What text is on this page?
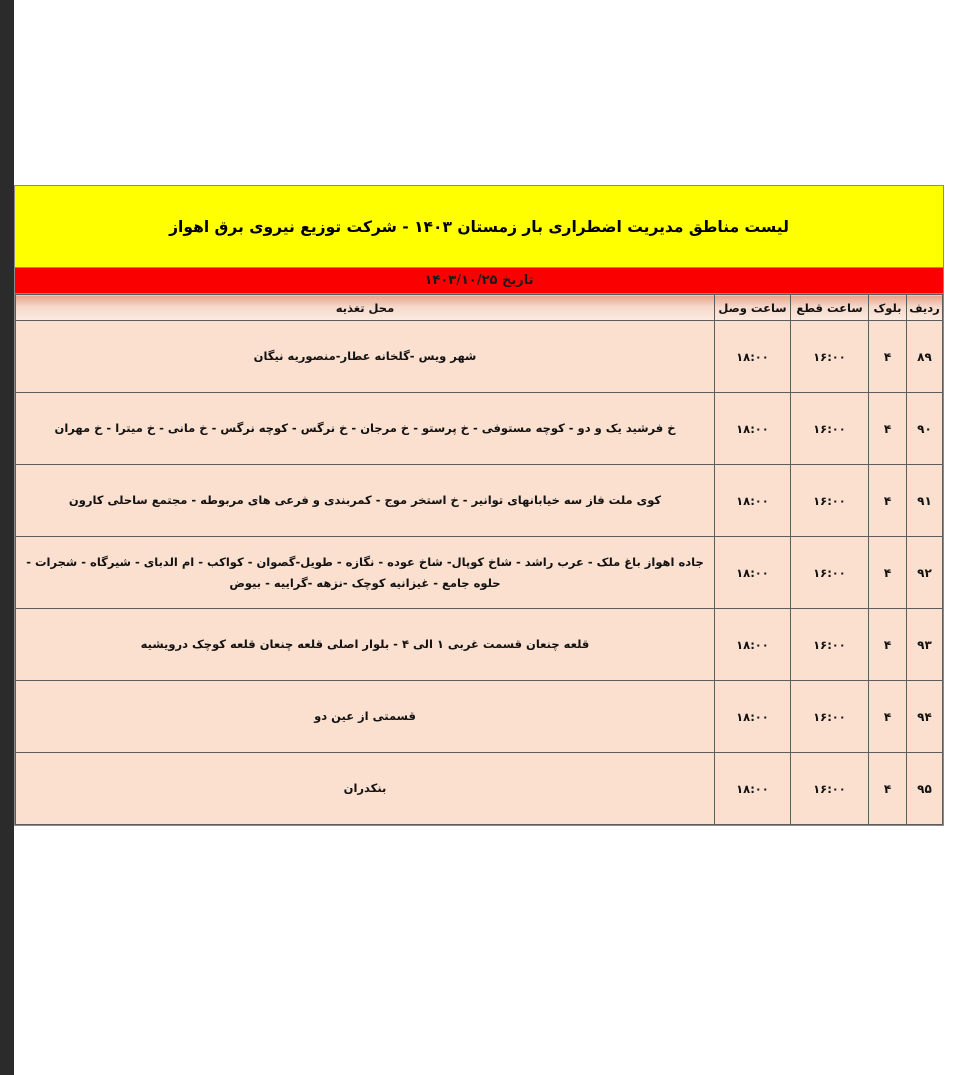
لیست مناطق مدیریت اضطراری بار زمستان ۱۴۰۳ - شرکت توزیع نیروی برق اهواز
تاریخ ۱۴۰۳/۱۰/۲۵
ردیف	بلوک	ساعت قطع	ساعت وصل	محل تغذیه
۸۹	۴	۱۶:۰۰	۱۸:۰۰	شهر ویس -گلخانه عطار-منصوریه نیگان
۹۰	۴	۱۶:۰۰	۱۸:۰۰	خ فرشید یک و دو - کوچه مستوفی - خ پرستو - خ مرجان - خ نرگس - کوچه نرگس - خ مانی - خ میترا - خ مهران
۹۱	۴	۱۶:۰۰	۱۸:۰۰	کوی ملت فاز سه خیابانهای توانیر - خ استخر موج - کمربندی و فرعی های مربوطه - مجتمع ساحلی کارون
۹۲	۴	۱۶:۰۰	۱۸:۰۰	جاده اهواز باغ ملک - عرب راشد - شاخ کوپال- شاخ عوده - نگازه - طویل-گصوان - کواکب - ام الدبای - شیرگاه - شجرات - حلوه جامع - غیزانیه کوچک -نزهه -گراییه - بیوض
۹۳	۴	۱۶:۰۰	۱۸:۰۰	قلعه چنعان قسمت غربی ۱ الی ۴ - بلوار اصلی قلعه چنعان قلعه کوچک درویشیه
۹۴	۴	۱۶:۰۰	۱۸:۰۰	قسمتی از عین دو
۹۵	۴	۱۶:۰۰	۱۸:۰۰	بنکدران
